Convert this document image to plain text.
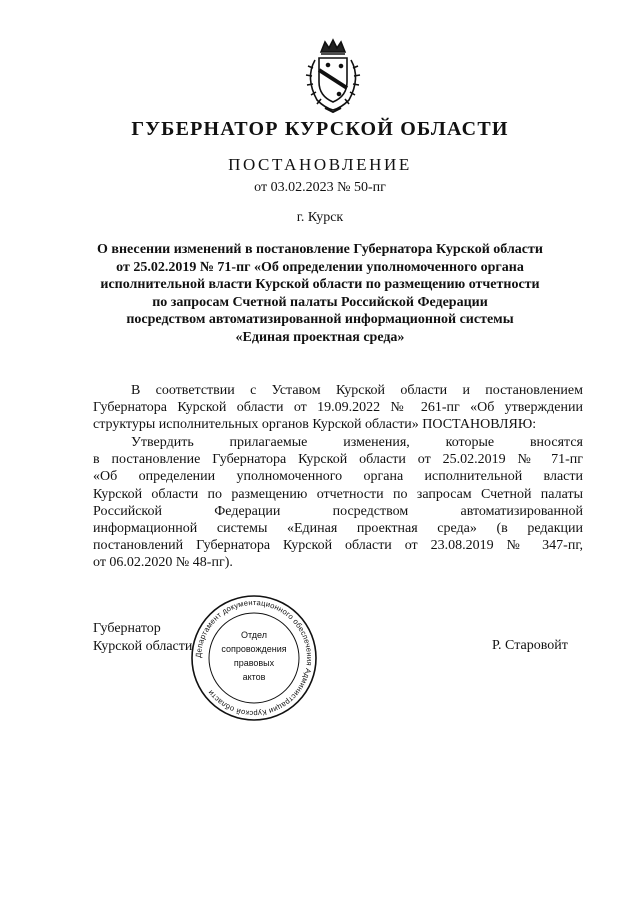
ГУБЕРНАТОР КУРСКОЙ ОБЛАСТИ
ПОСТАНОВЛЕНИЕ
от 03.02.2023 № 50-пг
г. Курск
О внесении изменений в постановление Губернатора Курской области
от 25.02.2019 № 71-пг «Об определении уполномоченного органа
исполнительной власти Курской области по размещению отчетности
по запросам Счетной палаты Российской Федерации
посредством автоматизированной информационной системы
«Единая проектная среда»
В соответствии с Уставом Курской области и постановлением
Губернатора Курской области от 19.09.2022 № 261-пг «Об утверждении
структуры исполнительных органов Курской области» ПОСТАНОВЛЯЮ:
Утвердить прилагаемые изменения, которые вносятся
в постановление Губернатора Курской области от 25.02.2019 № 71-пг
«Об определении уполномоченного органа исполнительной власти
Курской области по размещению отчетности по запросам Счетной палаты
Российской Федерации посредством автоматизированной
информационной системы «Единая проектная среда» (в редакции
постановлений Губернатора Курской области от 23.08.2019 № 347-пг,
от 06.02.2020 № 48-пг).
Губернатор
Курской области	Р. Старовойт
Департамент документационного обеспечения Администрации Курской области
Отдел
сопровождения
правовых
актов
